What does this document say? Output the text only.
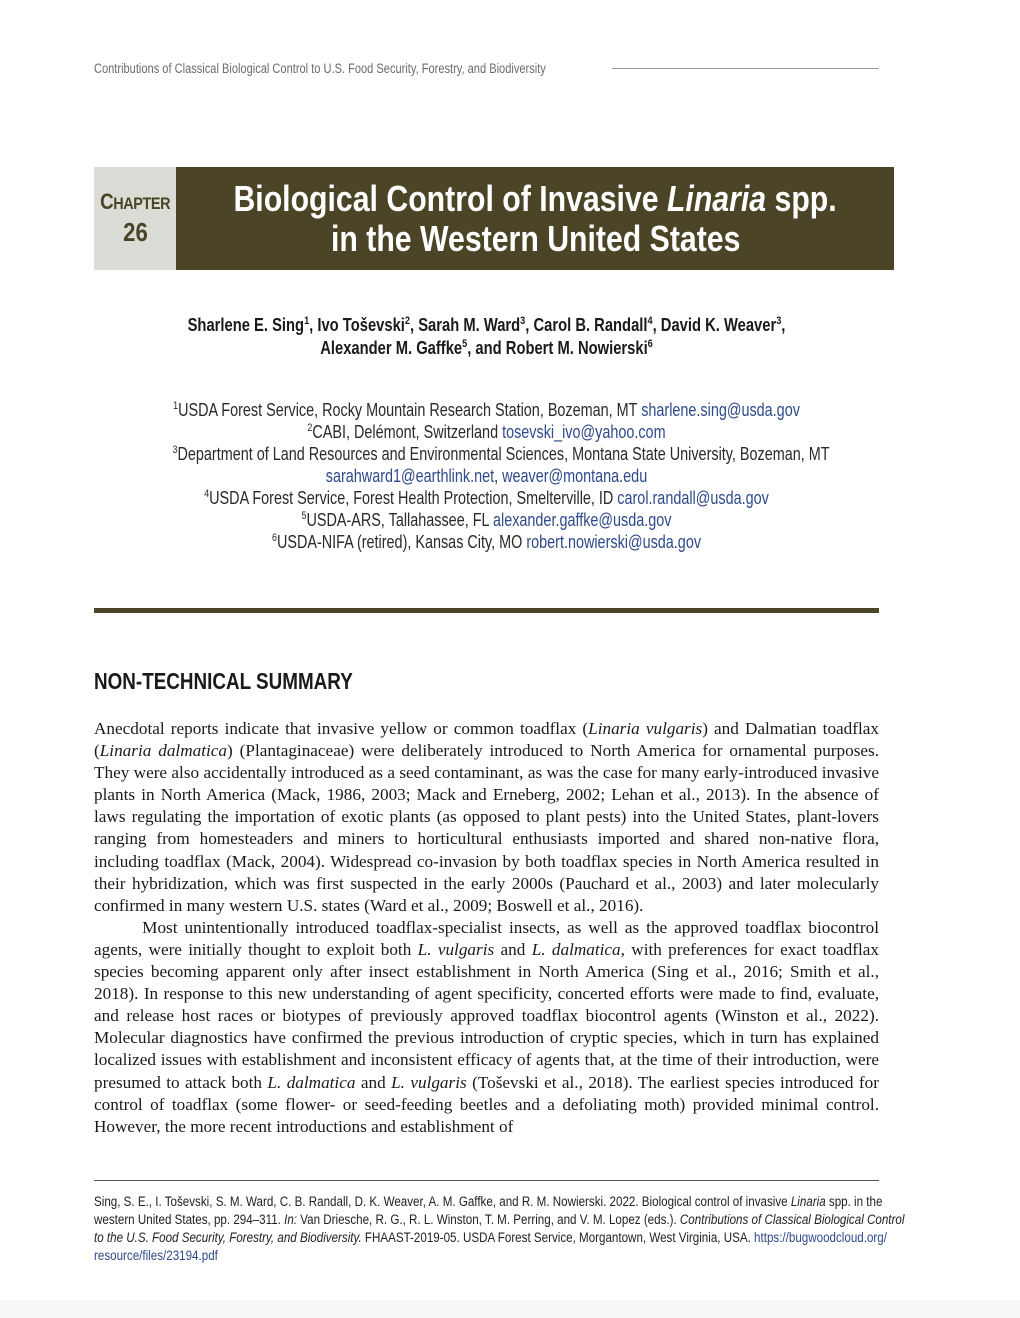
Contributions of Classical Biological Control to U.S. Food Security, Forestry, and Biodiversity
CHAPTER
26
Biological Control of Invasive Linaria spp.
in the Western United States
Sharlene E. Sing$^1$, Ivo Toševski$^2$, Sarah M. Ward$^3$, Carol B. Randall$^4$, David K. Weaver$^3$,
Alexander M. Gaffke$^5$, and Robert M. Nowierski$^6$
$^1$USDA Forest Service, Rocky Mountain Research Station, Bozeman, MT sharlene.sing@usda.gov
$^2$CABI, Delémont, Switzerland tosevski_ivo@yahoo.com
$^3$Department of Land Resources and Environmental Sciences, Montana State University, Bozeman, MT
sarahward1@earthlink.net, weaver@montana.edu
$^4$USDA Forest Service, Forest Health Protection, Smelterville, ID carol.randall@usda.gov
$^5$USDA-ARS, Tallahassee, FL alexander.gaffke@usda.gov
$^6$USDA-NIFA (retired), Kansas City, MO robert.nowierski@usda.gov
NON-TECHNICAL SUMMARY

Anecdotal reports indicate that invasive yellow or common toadflax (Linaria vulgaris) and Dalmatian toadflax (Linaria dalmatica) (Plantaginaceae) were deliberately introduced to North America for ornamental purposes. They were also accidentally introduced as a seed contaminant, as was the case for many early-introduced invasive plants in North America (Mack, 1986, 2003; Mack and Erneberg, 2002; Lehan et al., 2013). In the absence of laws regulating the importation of exotic plants (as opposed to plant pests) into the United States, plant-lovers ranging from homesteaders and miners to horticultural enthusiasts imported and shared non-native flora, including toadflax (Mack, 2004). Widespread co-invasion by both toadflax species in North America resulted in their hybridization, which was first suspected in the early 2000s (Pauchard et al., 2003) and later molecularly confirmed in many western U.S. states (Ward et al., 2009; Boswell et al., 2016).

Most unintentionally introduced toadflax-specialist insects, as well as the approved toadflax biocontrol agents, were initially thought to exploit both L. vulgaris and L. dalmatica, with preferences for exact toadflax species becoming apparent only after insect establishment in North America (Sing et al., 2016; Smith et al., 2018). In response to this new understanding of agent specificity, concerted efforts were made to find, evaluate, and release host races or biotypes of previously approved toadflax biocontrol agents (Winston et al., 2022). Molecular diagnostics have confirmed the previous introduction of cryptic species, which in turn has explained localized issues with establishment and inconsistent efficacy of agents that, at the time of their introduction, were presumed to attack both L. dalmatica and L. vulgaris (Toševski et al., 2018). The earliest species introduced for control of toadflax (some flower- or seed-feeding beetles and a defoliating moth) provided minimal control. However, the more recent introductions and establishment of

Sing, S. E., I. Toševski, S. M. Ward, C. B. Randall, D. K. Weaver, A. M. Gaffke, and R. M. Nowierski. 2022. Biological control of invasive Linaria spp. in the
western United States, pp. 294–311. In: Van Driesche, R. G., R. L. Winston, T. M. Perring, and V. M. Lopez (eds.). Contributions of Classical Biological Control
to the U.S. Food Security, Forestry, and Biodiversity. FHAAST-2019-05. USDA Forest Service, Morgantown, West Virginia, USA. https://bugwoodcloud.org/
resource/files/23194.pdf
